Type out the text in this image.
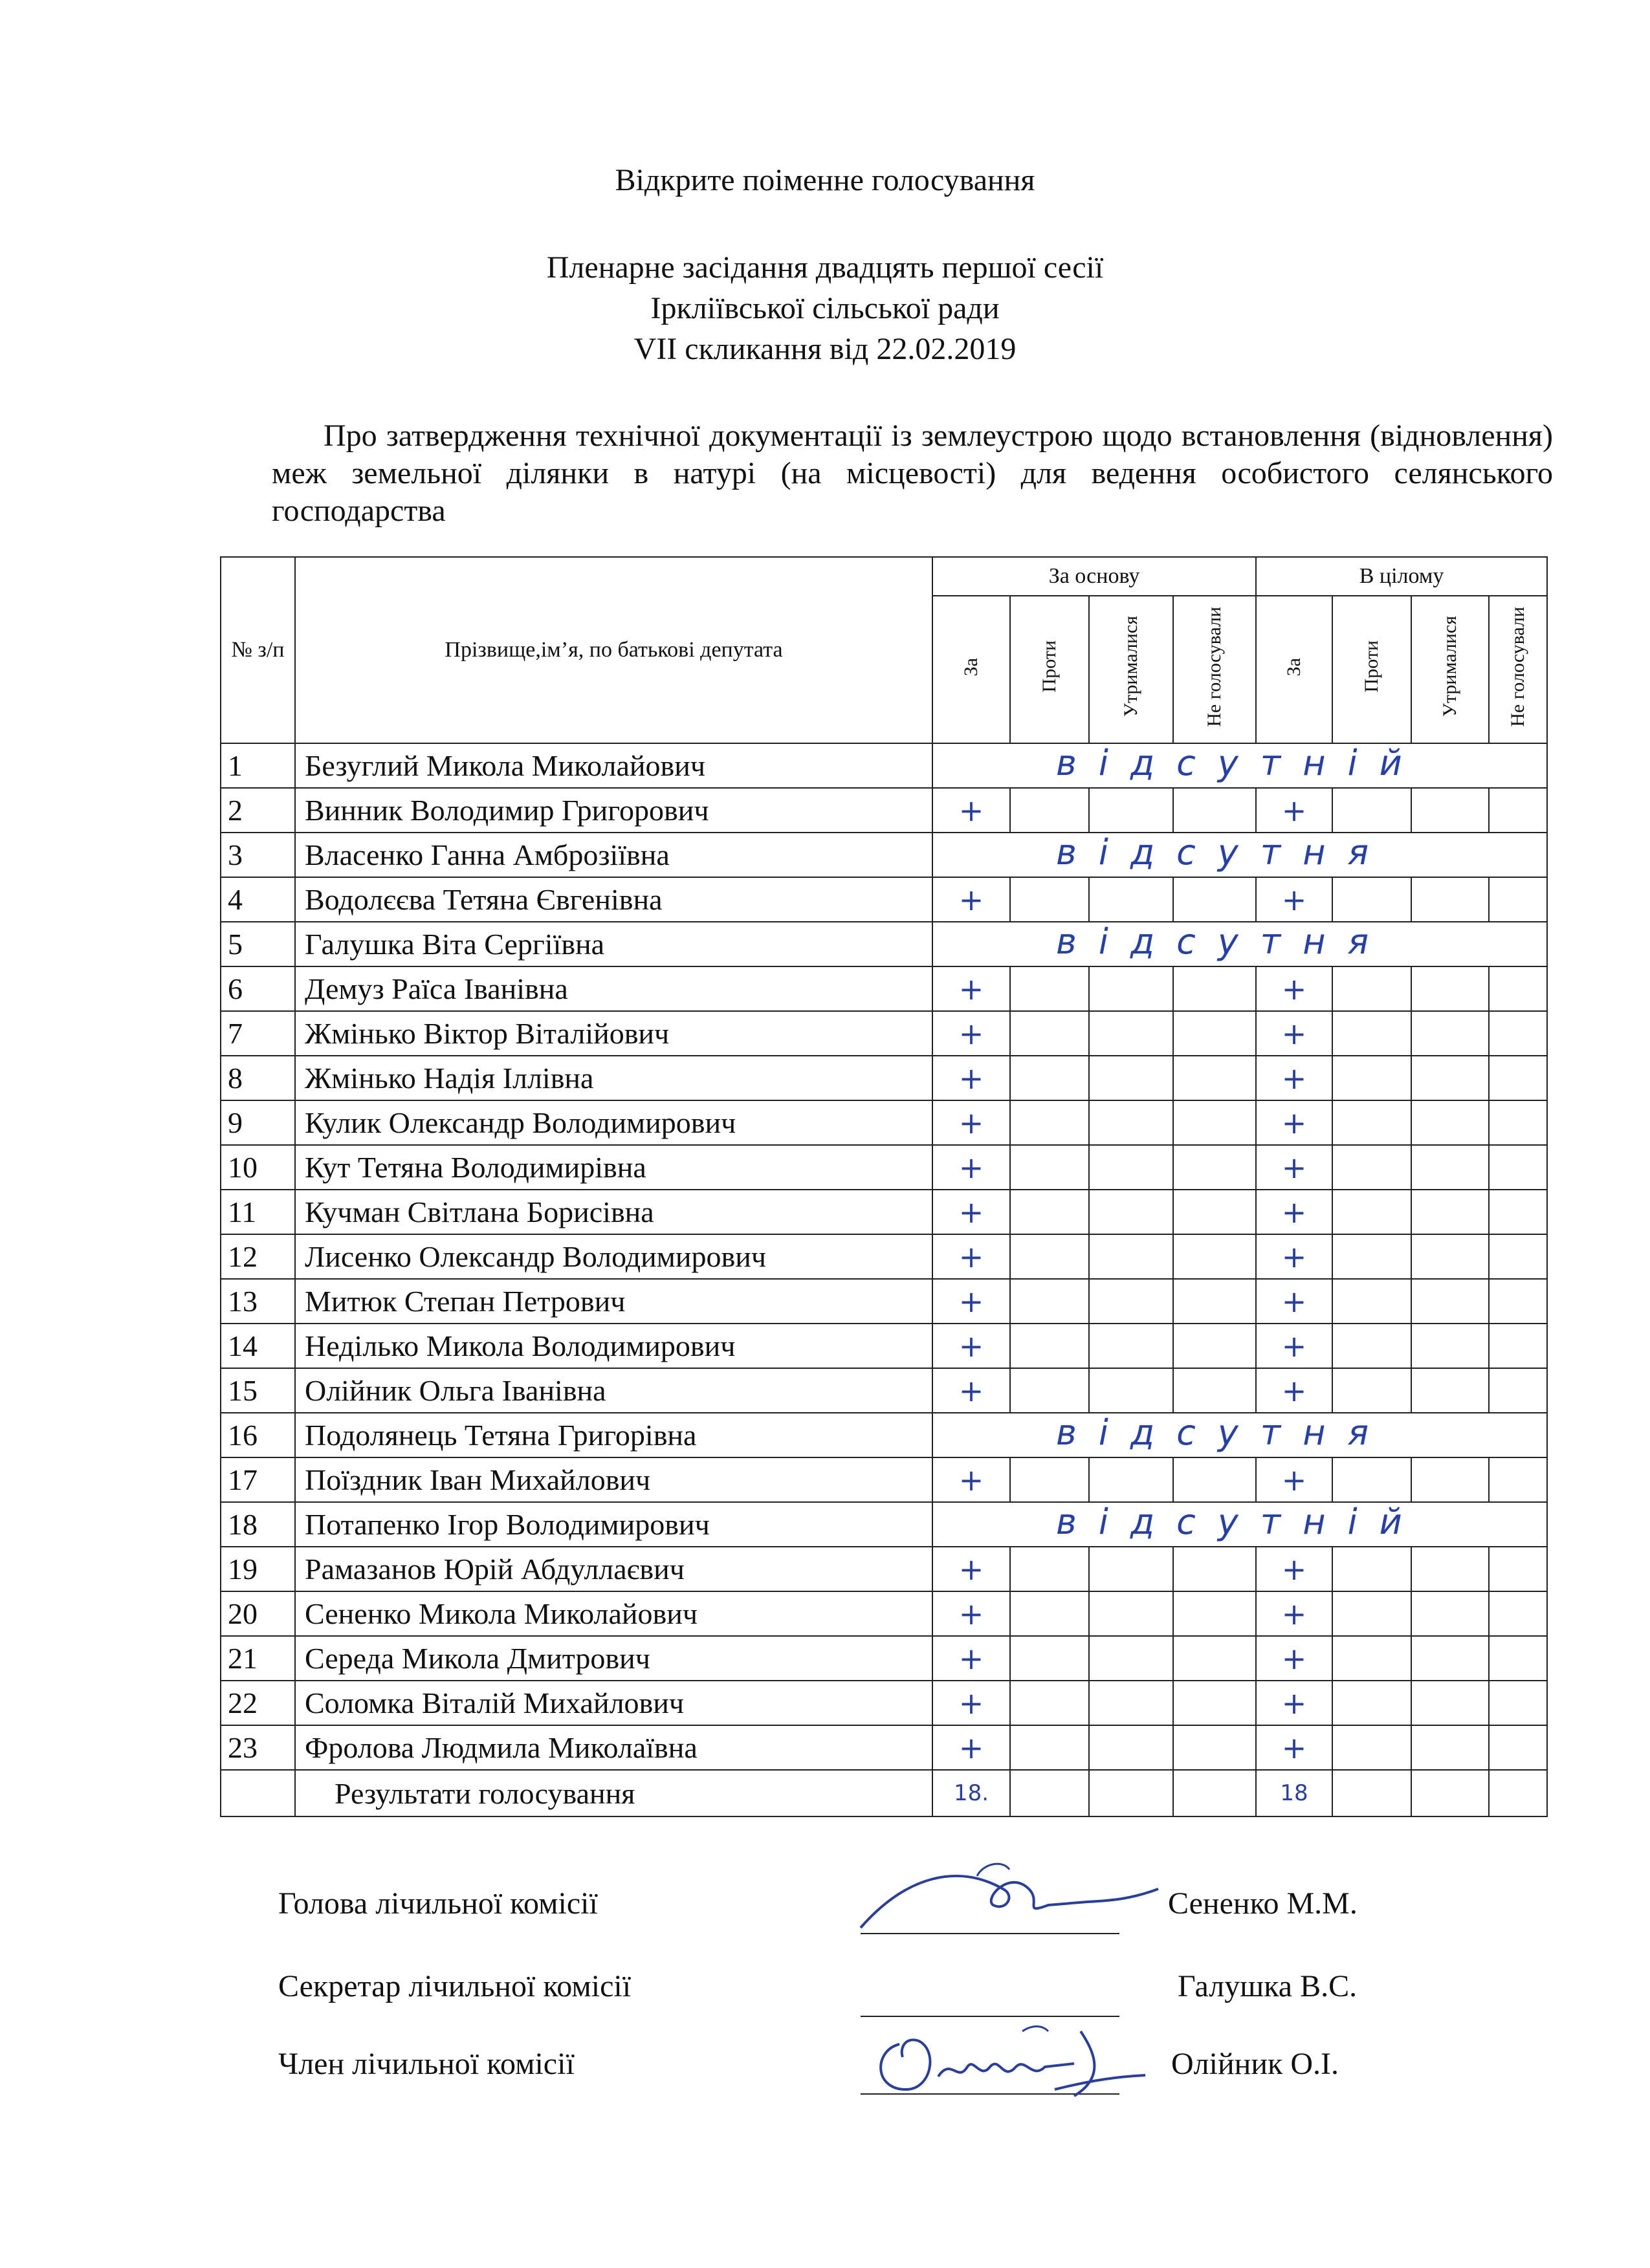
Відкрите поіменне голосування
Пленарне засідання двадцять першої сесії
Ірклiївської сільської ради
VII скликання від 22.02.2019
Про затвердження технічної документації із землеустрою щодо встановлення (відновлення) меж земельної ділянки в натурі (на місцевості) для ведення особистого селянського господарства
№ з/п	Прізвище,ім’я, по батькові депутата	За основу				В цілому			
		За	Проти	Утрималися	Не голосували	За	Проти	Утрималися	Не голосували
1	Безуглий Микола Миколайович	відсутній							

2	Винник Володимир Григорович	+				+			
3	Власенко Ганна Амброзіївна	відсутня							

4	Водолєєва Тетяна Євгенівна	+				+			
5	Галушка Віта Сергіївна	відсутня							

6	Демуз Раїса Іванівна	+				+			
7	Жмінько Віктор Віталійович	+				+			
8	Жмінько Надія Іллівна	+				+			
9	Кулик Олександр Володимирович	+				+			
10	Кут Тетяна Володимирівна	+				+			
11	Кучман Світлана Борисівна	+				+			
12	Лисенко Олександр Володимирович	+				+			
13	Митюк Степан Петрович	+				+			
14	Неділько Микола Володимирович	+				+			
15	Олійник Ольга Іванівна	+				+			
16	Подолянець Тетяна Григорівна	відсутня							

17	Поїздник Іван Михайлович	+				+			
18	Потапенко Ігор Володимирович	відсутній							

19	Рамазанов Юрій Абдуллаєвич	+				+			
20	Сененко Микола Миколайович	+				+			
21	Середа Микола Дмитрович	+				+			
22	Соломка Віталій Михайлович	+				+			
23	Фролова Людмила Миколаївна	+				+			
	Результати голосування	18.				18			
Голова лічильної комісії	Сененко М.М.
Секретар лічильної комісії	Галушка В.С.
Член лічильної комісії	Олійник О.І.
